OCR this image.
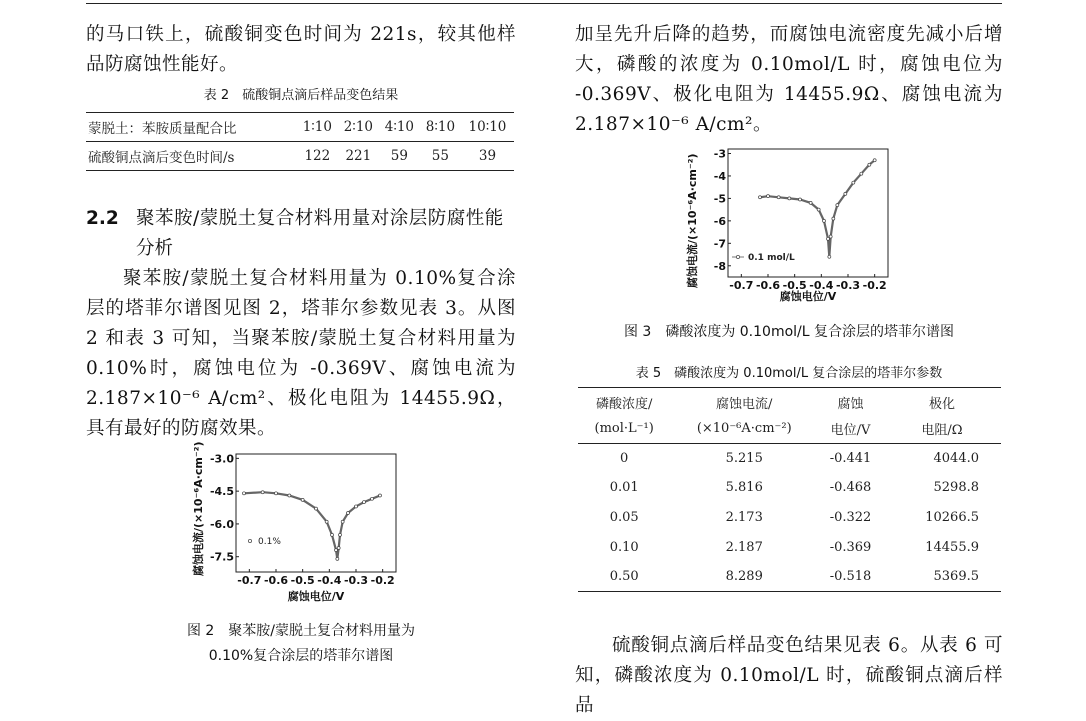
的马口铁上，硫酸铜变色时间为 221s，较其他样品防腐蚀性能好。
表 2　硫酸铜点滴后样品变色结果
蒙脱土：苯胺质量配合比	1∶10	2∶10	4∶10	8∶10	10∶10
硫酸铜点滴后变色时间/s	122	221	59	55	39
2.2 聚苯胺/蒙脱土复合材料用量对涂层防腐性能
分析
聚苯胺/蒙脱土复合材料用量为 0.10%复合涂层的塔菲尔谱图见图 2，塔菲尔参数见表 3。从图 2 和表 3 可知，当聚苯胺/蒙脱土复合材料用量为 0.10%时，腐蚀电位为 -0.369V、腐蚀电流为 2.187×10⁻⁶ A/cm²、极化电阻为 14455.9Ω，具有最好的防腐效果。
-3.0
-4.5
-6.0
-7.5
-0.7 -0.6 -0.5 -0.4 -0.3 -0.2
0.1%
腐蚀电流/(×10⁻⁶A·cm⁻²)
腐蚀电位/V
图 2　聚苯胺/蒙脱土复合材料用量为
0.10%复合涂层的塔菲尔谱图
加呈先升后降的趋势，而腐蚀电流密度先减小后增大，磷酸的浓度为 0.10mol/L 时，腐蚀电位为 -0.369V、极化电阻为 14455.9Ω、腐蚀电流为 2.187×10⁻⁶ A/cm²。
-3
-4
-5
-6
-7
-8
-0.7 -0.6 -0.5 -0.4 -0.3 -0.2
0.1 mol/L
腐蚀电流/(×10⁻⁶A·cm⁻²)
腐蚀电位/V
图 3　磷酸浓度为 0.10mol/L 复合涂层的塔菲尔谱图
表 5　磷酸浓度为 0.10mol/L 复合涂层的塔菲尔参数
磷酸浓度/	腐蚀电流/	腐蚀	极化
(mol·L⁻¹)	(×10⁻⁶A·cm⁻²)	电位/V	电阻/Ω
0	5.215	-0.441	4044.0
0.01	5.816	-0.468	5298.8
0.05	2.173	-0.322	10266.5
0.10	2.187	-0.369	14455.9
0.50	8.289	-0.518	5369.5
硫酸铜点滴后样品变色结果见表 6。从表 6 可知，磷酸浓度为 0.10mol/L 时，硫酸铜点滴后样品
